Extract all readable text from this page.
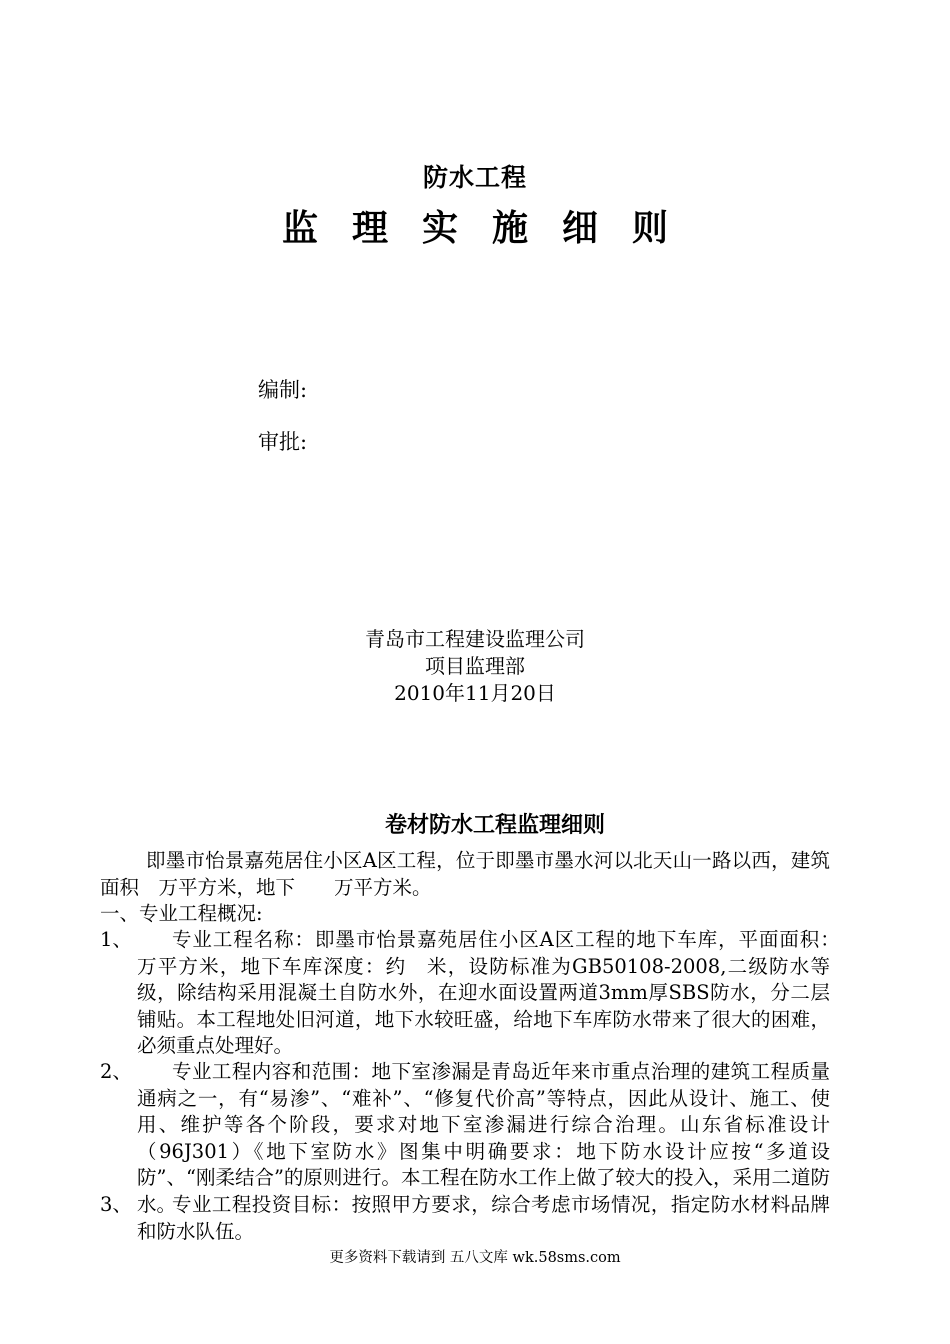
防水工程
监 理 实 施 细 则
编制:
审批:
青岛市工程建设监理公司
项目监理部
2010年11月20日
卷材防水工程监理细则
即墨市怡景嘉苑居住小区A区工程，位于即墨市墨水河以北天山一路以西，建筑面积　万平方米，地下　　万平方米。
一、专业工程概况:
1、	专业工程名称：即墨市怡景嘉苑居住小区A区工程的地下车库，平面面积：　万平方米，地下车库深度：约　米，设防标准为GB50108-2008,二级防水等级，除结构采用混凝土自防水外，在迎水面设置两道3mm厚SBS防水，分二层铺贴。本工程地处旧河道，地下水较旺盛，给地下车库防水带来了很大的困难，必须重点处理好。
2、	专业工程内容和范围：地下室渗漏是青岛近年来市重点治理的建筑工程质量通病之一，有“易渗”、“难补”、“修复代价高”等特点，因此从设计、施工、使用、维护等各个阶段，要求对地下室渗漏进行综合治理。山东省标准设计（96J301）《地下室防水》图集中明确要求：地下防水设计应按“多道设防”、“刚柔结合”的原则进行。本工程在防水工作上做了较大的投入，采用二道防水。
3、	专业工程投资目标：按照甲方要求，综合考虑市场情况，指定防水材料品牌和防水队伍。
更多资料下载请到 五八文库 wk.58sms.com
